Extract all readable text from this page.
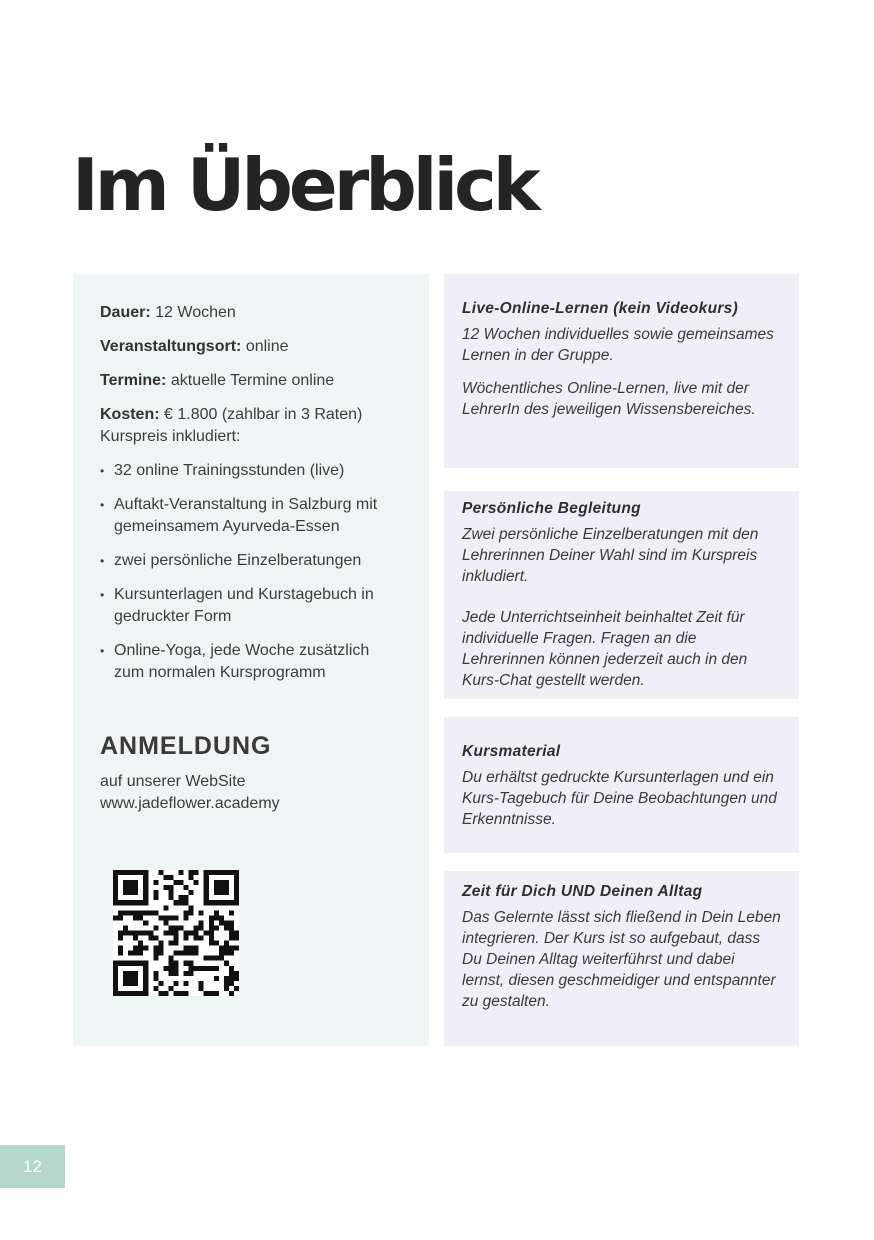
Im Überblick

Dauer: 12 Wochen

Veranstaltungsort: online

Termine: aktuelle Termine online

Kosten: € 1.800 (zahlbar in 3 Raten)
Kurspreis inkludiert:

• 32 online Trainingsstunden (live)
• Auftakt-Veranstaltung in Salzburg mit gemeinsamem Ayurveda-Essen
• zwei persönliche Einzelberatungen
• Kursunterlagen und Kurstagebuch in gedruckter Form
• Online-Yoga, jede Woche zusätzlich zum normalen Kursprogramm
ANMELDUNG

auf unserer WebSite

www.jadeflower.academy

Live-Online-Lernen (kein Videokurs)

12 Wochen individuelles sowie gemeinsames Lernen in der Gruppe.

Wöchentliches Online-Lernen, live mit der LehrerIn des jeweiligen Wissensbereiches.

Persönliche Begleitung

Zwei persönliche Einzelberatungen mit den Lehrerinnen Deiner Wahl sind im Kurspreis inkludiert.

Jede Unterrichtseinheit beinhaltet Zeit für individuelle Fragen. Fragen an die Lehrerinnen können jederzeit auch in den Kurs-Chat gestellt werden.

Kursmaterial

Du erhältst gedruckte Kursunterlagen und ein Kurs-Tagebuch für Deine Beobachtungen und Erkenntnisse.

Zeit für Dich UND Deinen Alltag

Das Gelernte lässt sich fließend in Dein Leben integrieren. Der Kurs ist so aufgebaut, dass Du Deinen Alltag weiterführst und dabei lernst, diesen geschmeidiger und entspannter zu gestalten.

12
